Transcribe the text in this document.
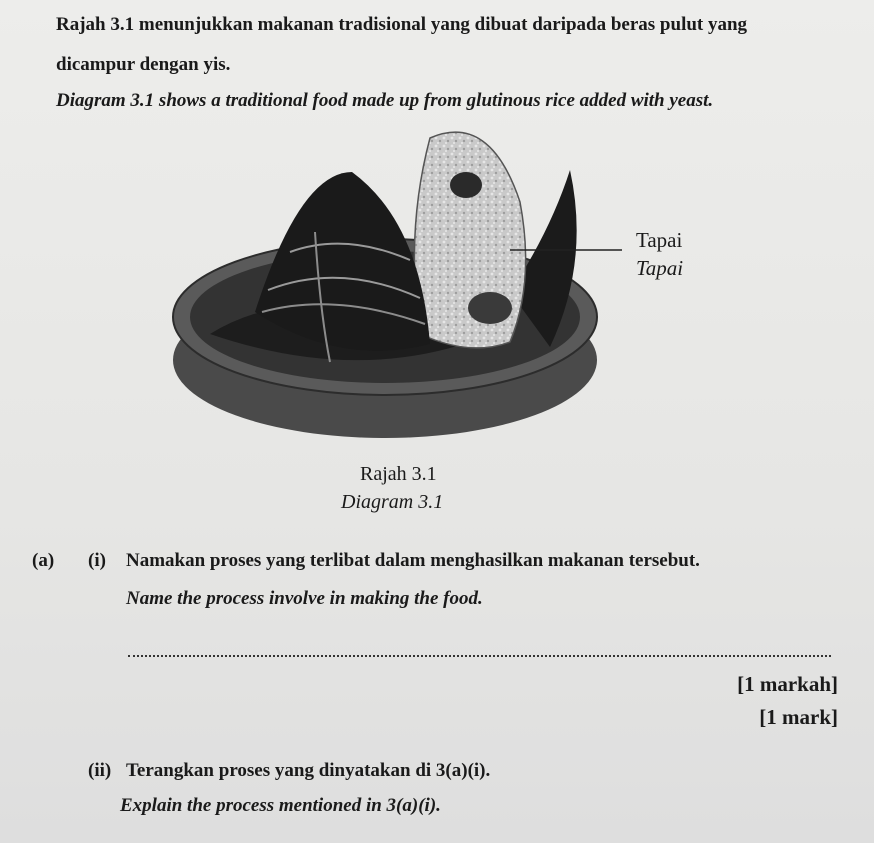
Rajah 3.1 menunjukkan makanan tradisional yang dibuat daripada beras pulut yang
dicampur dengan yis.
Diagram 3.1 shows a traditional food made up from glutinous rice added with yeast.
Tapai
Tapai
Rajah 3.1
Diagram 3.1
(a) (i) Namakan proses yang terlibat dalam menghasilkan makanan tersebut.
Name the process involve in making the food.
[1 markah]
[1 mark]
(ii) Terangkan proses yang dinyatakan di 3(a)(i).
Explain the process mentioned in 3(a)(i).
